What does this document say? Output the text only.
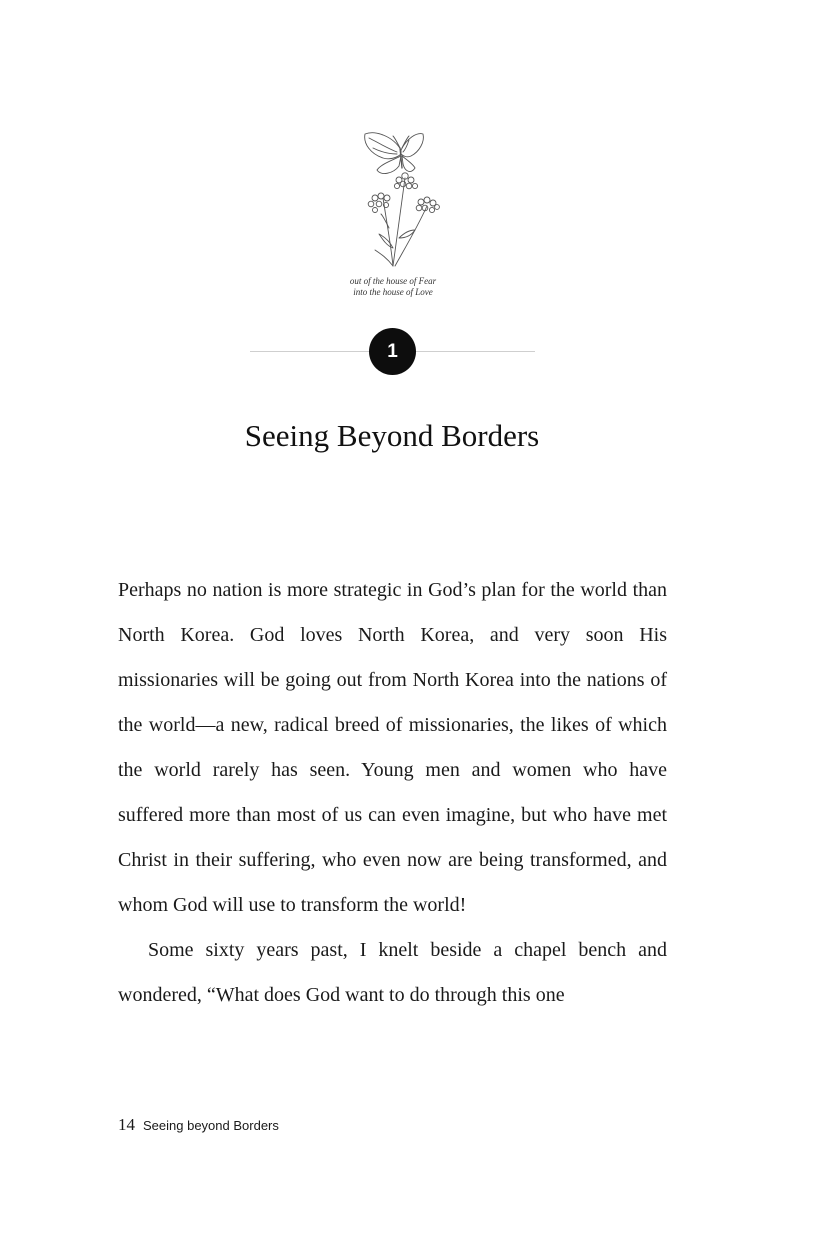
out of the house of Fear
into the house of Love
1
Seeing Beyond Borders

Perhaps no nation is more strategic in God’s plan for the world than North Korea. God loves North Korea, and very soon His missionaries will be going out from North Korea into the nations of the world—a new, radical breed of missionaries, the likes of which the world rarely has seen. Young men and women who have suffered more than most of us can even imagine, but who have met Christ in their suffering, who even now are being transformed, and whom God will use to transform the world!

Some sixty years past, I knelt beside a chapel bench and wondered, “What does God want to do through this one

14 Seeing beyond Borders
